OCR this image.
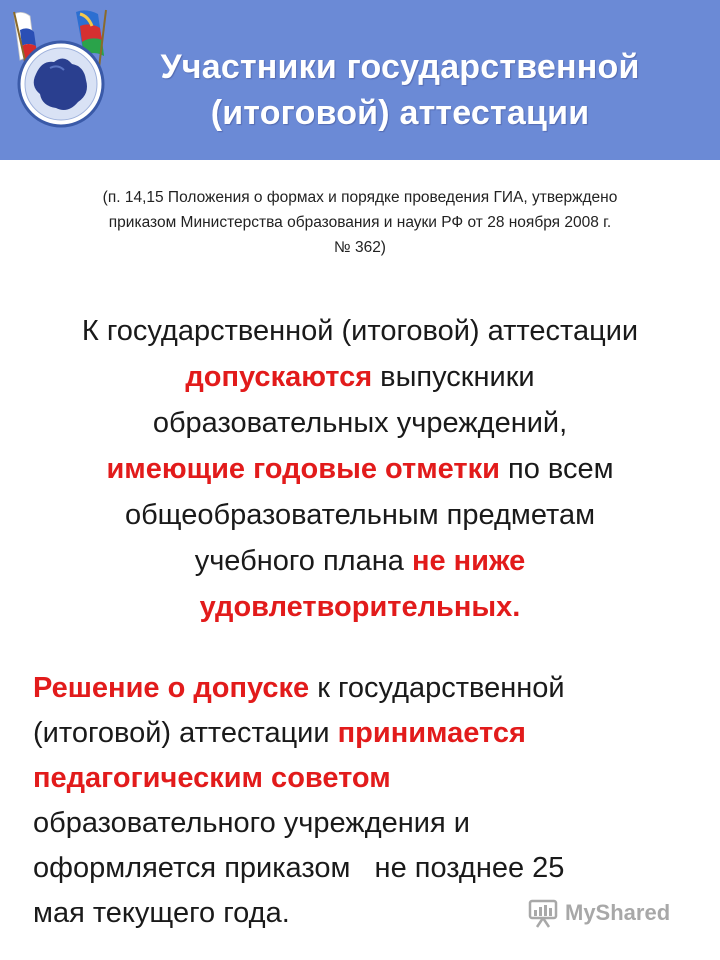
Участники государственной
(итоговой) аттестации
(п. 14,15 Положения о формах и порядке проведения ГИА, утверждено
приказом Министерства образования и науки РФ от 28 ноября 2008 г.
№ 362)
К государственной (итоговой) аттестации
допускаются выпускники
образовательных учреждений,
имеющие годовые отметки по всем
общеобразовательным предметам
учебного плана не ниже
удовлетворительных.
Решение о допуске к государственной
(итоговой) аттестации принимается
педагогическим советом
образовательного учреждения и
оформляется приказом   не позднее 25
мая текущего года.	MyShared
